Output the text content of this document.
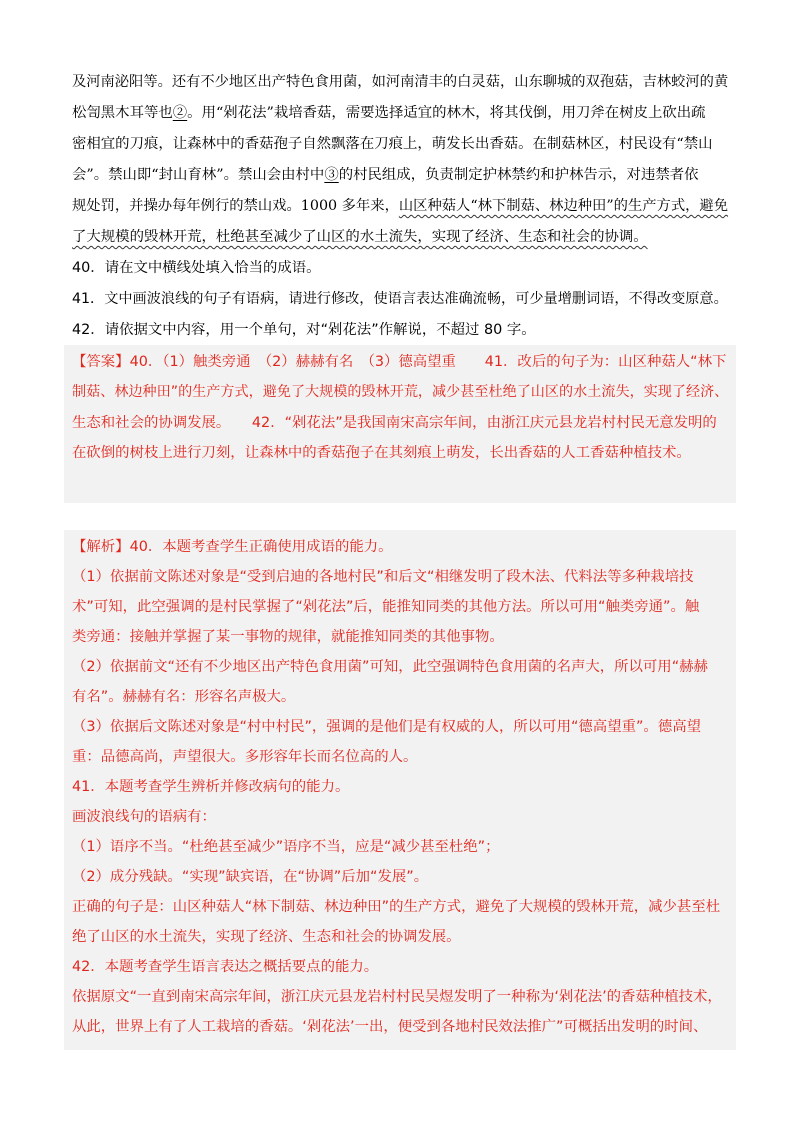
及河南泌阳等。还有不少地区出产特色食用菌，如河南清丰的白灵菇，山东聊城的双孢菇，吉林蛟河的黄
松訇黑木耳等也②。用“剁花法”栽培香菇，需要选择适宜的林木，将其伐倒，用刀斧在树皮上砍出疏
密相宜的刀痕，让森林中的香菇孢子自然飘落在刀痕上，萌发长出香菇。在制菇林区，村民设有“禁山
会”。禁山即“封山育林”。禁山会由村中③的村民组成，负责制定护林禁约和护林告示，对违禁者依
规处罚，并操办每年例行的禁山戏。1000 多年来，山区种菇人“林下制菇、林边种田”的生产方式，避免
了大规模的毁林开荒，杜绝甚至减少了山区的水土流失，实现了经济、生态和社会的协调。
40．请在文中横线处填入恰当的成语。
41．文中画波浪线的句子有语病，请进行修改，使语言表达准确流畅，可少量增删词语，不得改变原意。
42．请依据文中内容，用一个单句，对“剁花法”作解说，不超过 80 字。
【答案】40．（1）触类旁通　（2）赫赫有名　（3）德高望重　　41．改后的句子为：山区种菇人“林下
制菇、林边种田”的生产方式，避免了大规模的毁林开荒，减少甚至杜绝了山区的水土流失，实现了经济、
生态和社会的协调发展。　　42．“剁花法”是我国南宋高宗年间，由浙江庆元县龙岩村村民无意发明的
在砍倒的树枝上进行刀刻，让森林中的香菇孢子在其刻痕上萌发，长出香菇的人工香菇种植技术。
【解析】40．本题考查学生正确使用成语的能力。
（1）依据前文陈述对象是“受到启迪的各地村民”和后文“相继发明了段木法、代料法等多种栽培技
术”可知，此空强调的是村民掌握了“剁花法”后，能推知同类的其他方法。所以可用“触类旁通”。触
类旁通：接触并掌握了某一事物的规律，就能推知同类的其他事物。
（2）依据前文“还有不少地区出产特色食用菌”可知，此空强调特色食用菌的名声大，所以可用“赫赫
有名”。赫赫有名：形容名声极大。
（3）依据后文陈述对象是“村中村民”，强调的是他们是有权威的人，所以可用“德高望重”。德高望
重：品德高尚，声望很大。多形容年长而名位高的人。
41．本题考查学生辨析并修改病句的能力。
画波浪线句的语病有：
（1）语序不当。“杜绝甚至减少”语序不当，应是“减少甚至杜绝”；
（2）成分残缺。“实现”缺宾语，在“协调”后加“发展”。
正确的句子是：山区种菇人“林下制菇、林边种田”的生产方式，避免了大规模的毁林开荒，减少甚至杜
绝了山区的水土流失，实现了经济、生态和社会的协调发展。
42．本题考查学生语言表达之概括要点的能力。
依据原文“一直到南宋高宗年间，浙江庆元县龙岩村村民吴煜发明了一种称为‘剁花法’的香菇种植技术，
从此，世界上有了人工栽培的香菇。‘剁花法’一出，便受到各地村民效法推广”可概括出发明的时间、
